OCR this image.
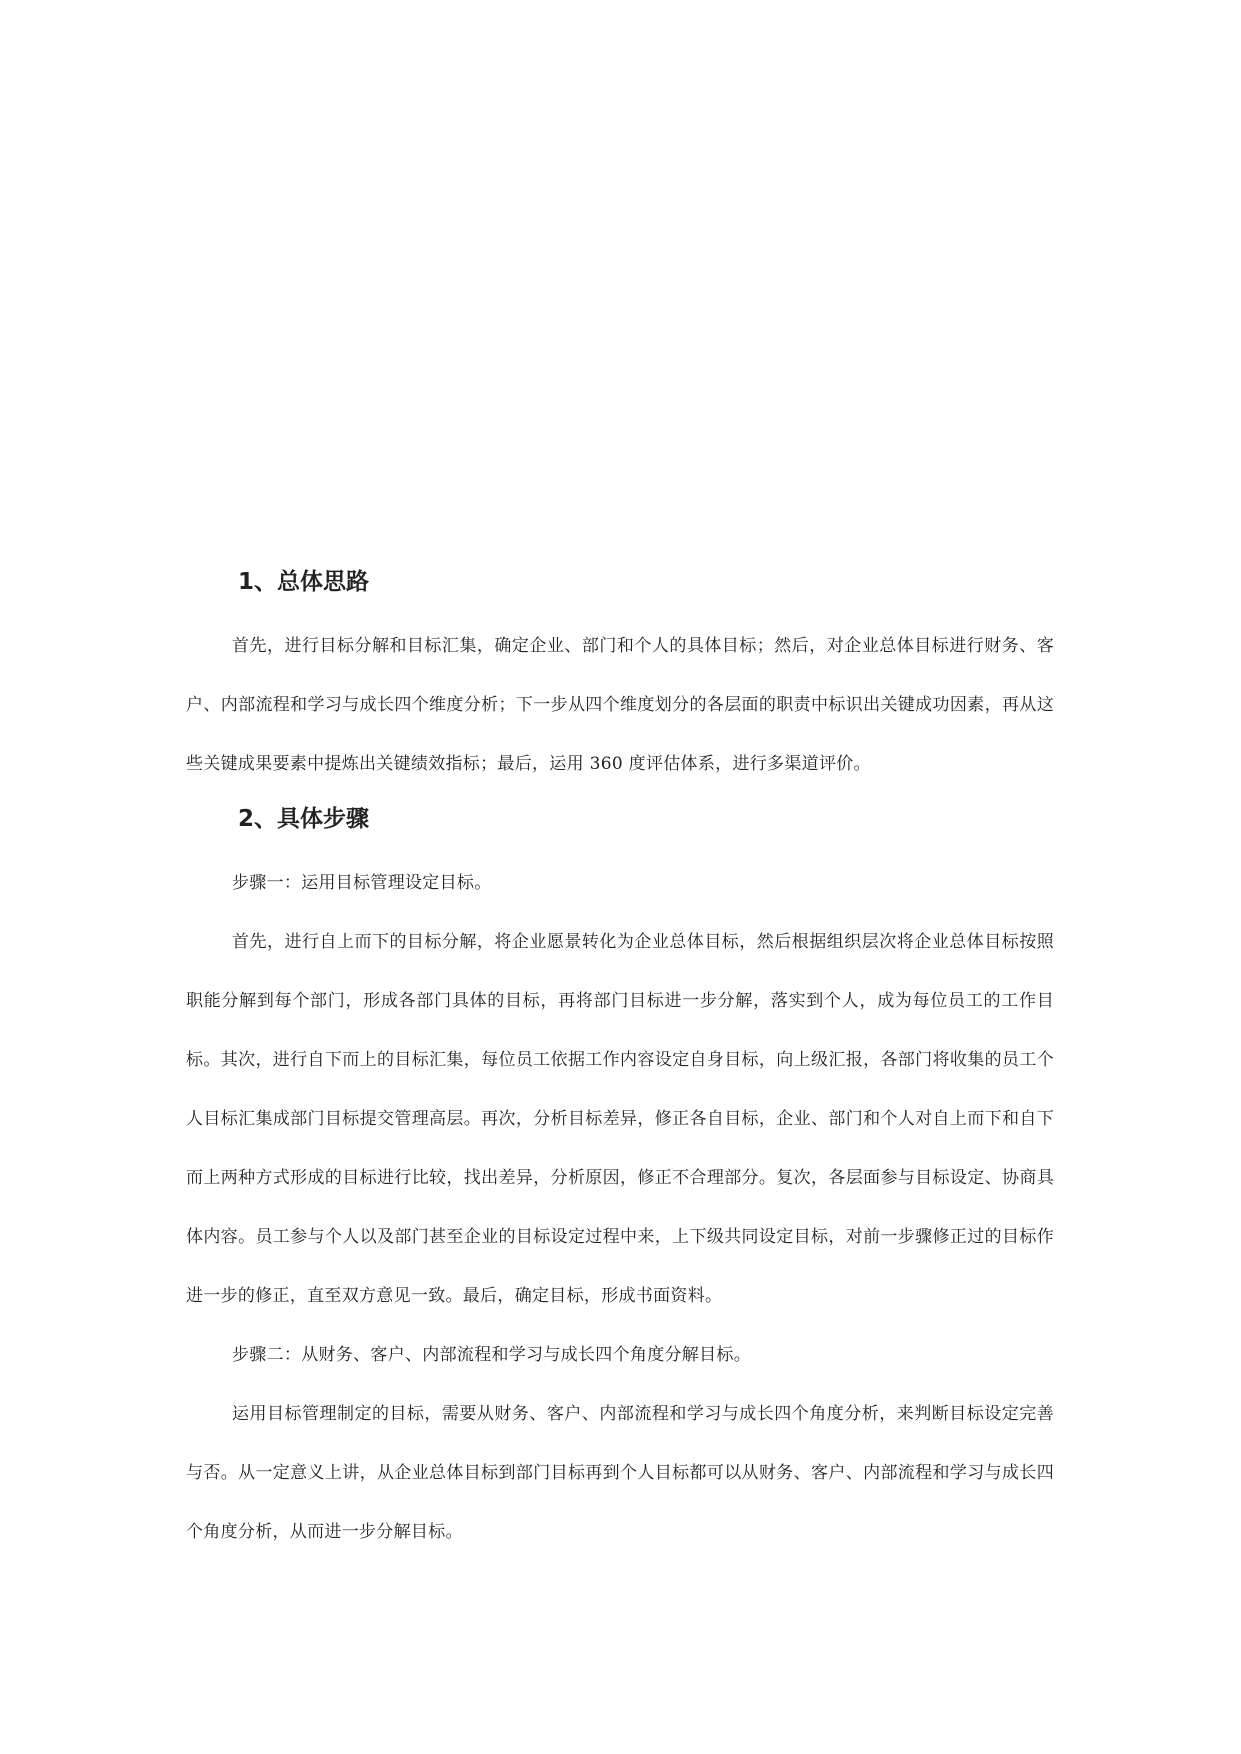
1、总体思路

首先，进行目标分解和目标汇集，确定企业、部门和个人的具体目标；然后，对企业总体目标进行财务、客户、内部流程和学习与成长四个维度分析；下一步从四个维度划分的各层面的职责中标识出关键成功因素，再从这些关键成果要素中提炼出关键绩效指标；最后，运用 360 度评估体系，进行多渠道评价。

2、具体步骤

步骤一：运用目标管理设定目标。

首先，进行自上而下的目标分解，将企业愿景转化为企业总体目标，然后根据组织层次将企业总体目标按照职能分解到每个部门，形成各部门具体的目标，再将部门目标进一步分解，落实到个人，成为每位员工的工作目标。其次，进行自下而上的目标汇集，每位员工依据工作内容设定自身目标，向上级汇报，各部门将收集的员工个人目标汇集成部门目标提交管理高层。再次，分析目标差异，修正各自目标，企业、部门和个人对自上而下和自下而上两种方式形成的目标进行比较，找出差异，分析原因，修正不合理部分。复次，各层面参与目标设定、协商具体内容。员工参与个人以及部门甚至企业的目标设定过程中来，上下级共同设定目标，对前一步骤修正过的目标作进一步的修正，直至双方意见一致。最后，确定目标，形成书面资料。

步骤二：从财务、客户、内部流程和学习与成长四个角度分解目标。

运用目标管理制定的目标，需要从财务、客户、内部流程和学习与成长四个角度分析，来判断目标设定完善与否。从一定意义上讲，从企业总体目标到部门目标再到个人目标都可以从财务、客户、内部流程和学习与成长四个角度分析，从而进一步分解目标。
